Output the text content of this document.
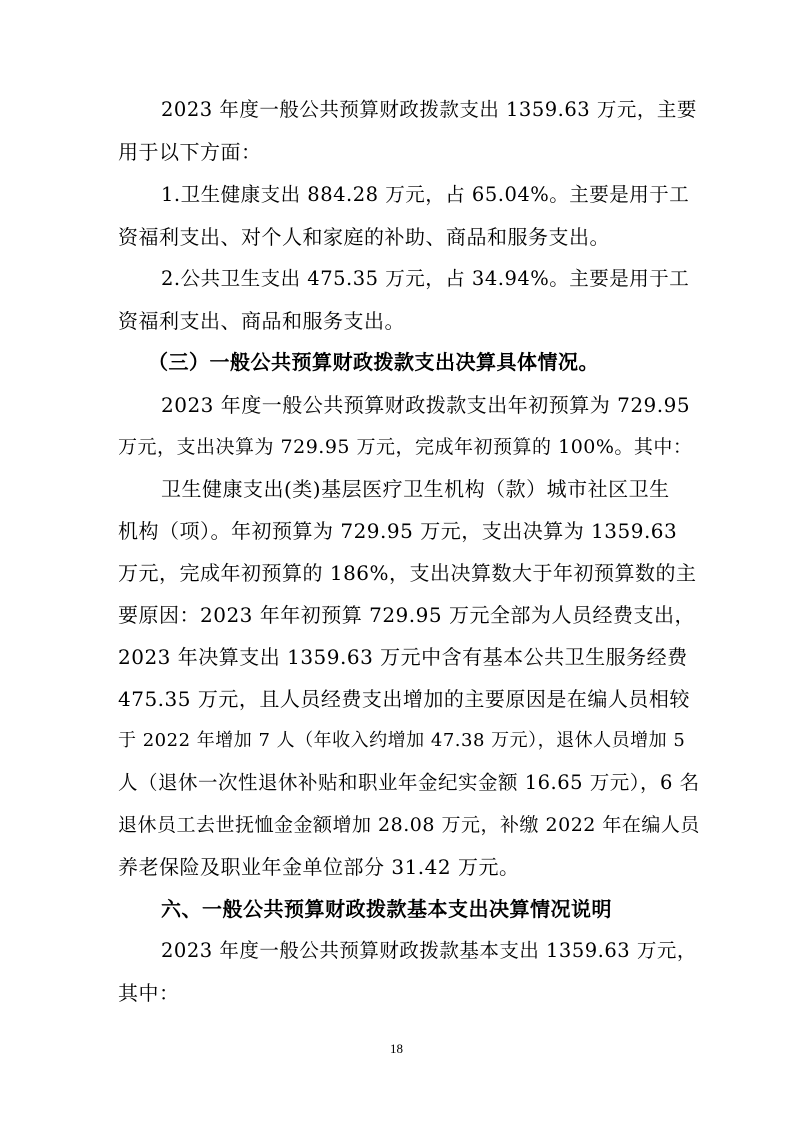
2023 年度一般公共预算财政拨款支出 1359.63 万元，主要
用于以下方面：
1.卫生健康支出 884.28 万元，占 65.04%。主要是用于工
资福利支出、对个人和家庭的补助、商品和服务支出。
2.公共卫生支出 475.35 万元，占 34.94%。主要是用于工
资福利支出、商品和服务支出。
（三）一般公共预算财政拨款支出决算具体情况。
2023 年度一般公共预算财政拨款支出年初预算为 729.95
万元，支出决算为 729.95 万元，完成年初预算的 100%。其中：
卫生健康支出(类)基层医疗卫生机构（款）城市社区卫生
机构（项）。年初预算为 729.95 万元，支出决算为 1359.63
万元，完成年初预算的 186%，支出决算数大于年初预算数的主
要原因：2023 年年初预算 729.95 万元全部为人员经费支出，
2023 年决算支出 1359.63 万元中含有基本公共卫生服务经费
475.35 万元，且人员经费支出增加的主要原因是在编人员相较
于 2022 年增加 7 人（年收入约增加 47.38 万元），退休人员增加 5
人（退休一次性退休补贴和职业年金纪实金额 16.65 万元），6 名
退休员工去世抚恤金金额增加 28.08 万元，补缴 2022 年在编人员
养老保险及职业年金单位部分 31.42 万元。
六、一般公共预算财政拨款基本支出决算情况说明
2023 年度一般公共预算财政拨款基本支出 1359.63 万元，
其中：
18
